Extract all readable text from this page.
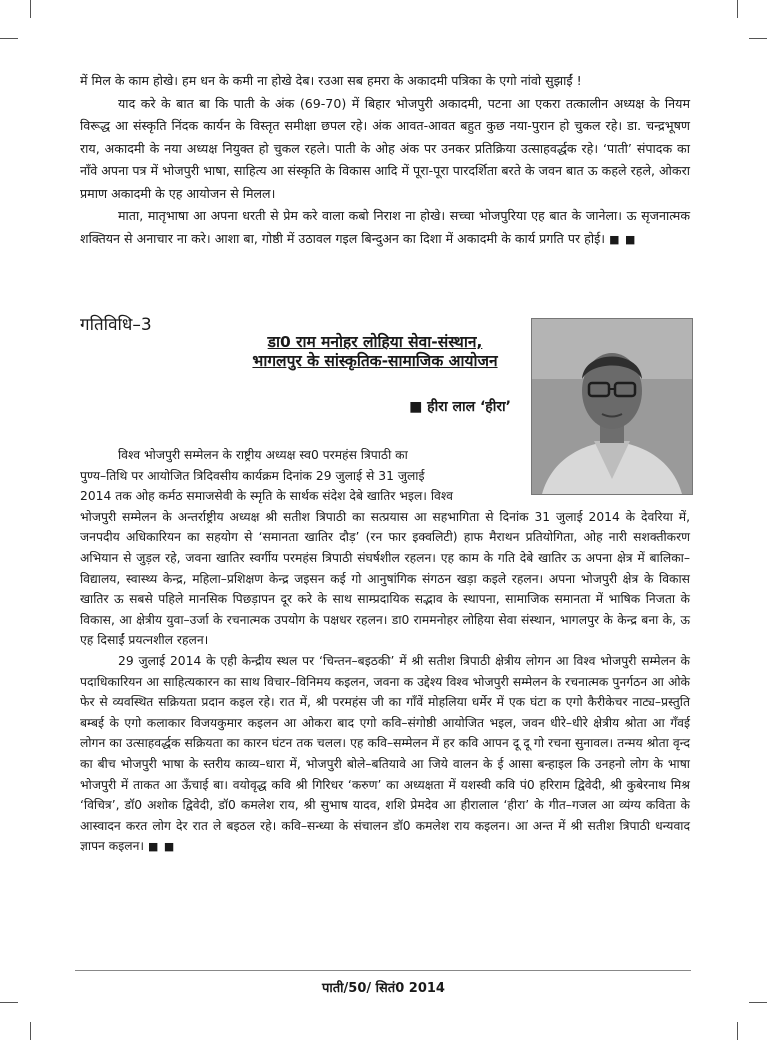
में मिल के काम होखे। हम धन के कमी ना होखे देब। रउआ सब हमरा के अकादमी पत्रिका के एगो नांवो सुझाईं !

याद करे के बात बा कि पाती के अंक (69-70) में बिहार भोजपुरी अकादमी, पटना आ एकरा तत्कालीन अध्यक्ष के नियम विरूद्ध आ संस्कृति निंदक कार्यन के विस्तृत समीक्षा छपल रहे। अंक आवत-आवत बहुत कुछ नया-पुरान हो चुकल रहे। डा. चन्द्रभूषण राय, अकादमी के नया अध्यक्ष नियुक्त हो चुकल रहले। पाती के ओह अंक पर उनकर प्रतिक्रिया उत्साहवर्द्धक रहे। ‘पाती’ संपादक का नाँवे अपना पत्र में भोजपुरी भाषा, साहित्य आ संस्कृति के विकास आदि में पूरा-पूरा पारदर्शिता बरते के जवन बात ऊ कहले रहले, ओकरा प्रमाण अकादमी के एह आयोजन से मिलल।

माता, मातृभाषा आ अपना धरती से प्रेम करे वाला कबो निराश ना होखे। सच्चा भोजपुरिया एह बात के जानेला। ऊ सृजनात्मक शक्तियन से अनाचार ना करे। आशा बा, गोष्ठी में उठावल गइल बिन्दुअन का दिशा में अकादमी के कार्य प्रगति पर होई। ■ ■

गतिविधि–3
डा0 राम मनोहर लोहिया सेवा-संस्थान,
भागलपुर के सांस्कृतिक-सामाजिक आयोजन
■ हीरा लाल ‘हीरा’

विश्व भोजपुरी सम्मेलन के राष्ट्रीय अध्यक्ष स्व0 परमहंस त्रिपाठी का

पुण्य–तिथि पर आयोजित त्रिदिवसीय कार्यक्रम दिनांक 29 जुलाई से 31 जुलाई

2014 तक ओह कर्मठ समाजसेवी के स्मृति के सार्थक संदेश देबे खातिर भइल। विश्व

भोजपुरी सम्मेलन के अन्तर्राष्ट्रीय अध्यक्ष श्री सतीश त्रिपाठी का सत्प्रयास आ सहभागिता से दिनांक 31 जुलाई 2014 के देवरिया में, जनपदीय अधिकारियन का सहयोग से ‘समानता खातिर दौड़’ (रन फार इक्वलिटी) हाफ मैराथन प्रतियोगिता, ओह नारी सशक्तीकरण अभियान से जुड़ल रहे, जवना खातिर स्वर्गीय परमहंस त्रिपाठी संघर्षशील रहलन। एह काम के गति देबे खातिर ऊ अपना क्षेत्र में बालिका–विद्यालय, स्वास्थ्य केन्द्र, महिला–प्रशिक्षण केन्द्र जइसन कई गो आनुषांगिक संगठन खड़ा कइले रहलन। अपना भोजपुरी क्षेत्र के विकास खातिर ऊ सबसे पहिले मानसिक पिछड़ापन दूर करे के साथ साम्प्रदायिक सद्भाव के स्थापना, सामाजिक समानता में भाषिक निजता के विकास, आ क्षेत्रीय युवा–उर्जा के रचनात्मक उपयोग के पक्षधर रहलन। डा0 राममनोहर लोहिया सेवा संस्थान, भागलपुर के केन्द्र बना के, ऊ एह दिसाईं प्रयत्नशील रहलन।

29 जुलाई 2014 के एही केन्द्रीय स्थल पर ‘चिन्तन–बइठकी’ में श्री सतीश त्रिपाठी क्षेत्रीय लोगन आ विश्व भोजपुरी सम्मेलन के पदाधिकारियन आ साहित्यकारन का साथ विचार–विनिमय कइलन, जवना क उद्देश्य विश्व भोजपुरी सम्मेलन के रचनात्मक पुनर्गठन आ ओके फेर से व्यवस्थित सक्रियता प्रदान कइल रहे। रात में, श्री परमहंस जी का गाँवें मोहलिया धर्मेर में एक घंटा क एगो कैरीकेचर नाट्य–प्रस्तुति बम्बई के एगो कलाकार विजयकुमार कइलन आ ओकरा बाद एगो कवि–संगोष्ठी आयोजित भइल, जवन धीरे–धीरे क्षेत्रीय श्रोता आ गँवई लोगन का उत्साहवर्द्धक सक्रियता का कारन घंटन तक चलल। एह कवि–सम्मेलन में हर कवि आपन दू दू गो रचना सुनावल। तन्मय श्रोता वृन्द का बीच भोजपुरी भाषा के स्तरीय काव्य–धारा में, भोजपुरी बोले–बतियावे आ जिये वालन के ई आसा बन्हाइल कि उनहनो लोग के भाषा भोजपुरी में ताकत आ ऊँचाई बा। वयोवृद्ध कवि श्री गिरिधर ‘करुण’ का अध्यक्षता में यशस्वी कवि पं0 हरिराम द्विवेदी, श्री कुबेरनाथ मिश्र ‘विचित्र’, डॉ0 अशोक द्विवेदी, डॉ0 कमलेश राय, श्री सुभाष यादव, शशि प्रेमदेव आ हीरालाल ‘हीरा’ के गीत–गजल आ व्यंग्य कविता के आस्वादन करत लोग देर रात ले बइठल रहे। कवि–सन्ध्या के संचालन डॉ0 कमलेश राय कइलन। आ अन्त में श्री सतीश त्रिपाठी धन्यवाद ज्ञापन कइलन। ■ ■

पाती/50/ सितं0 2014
